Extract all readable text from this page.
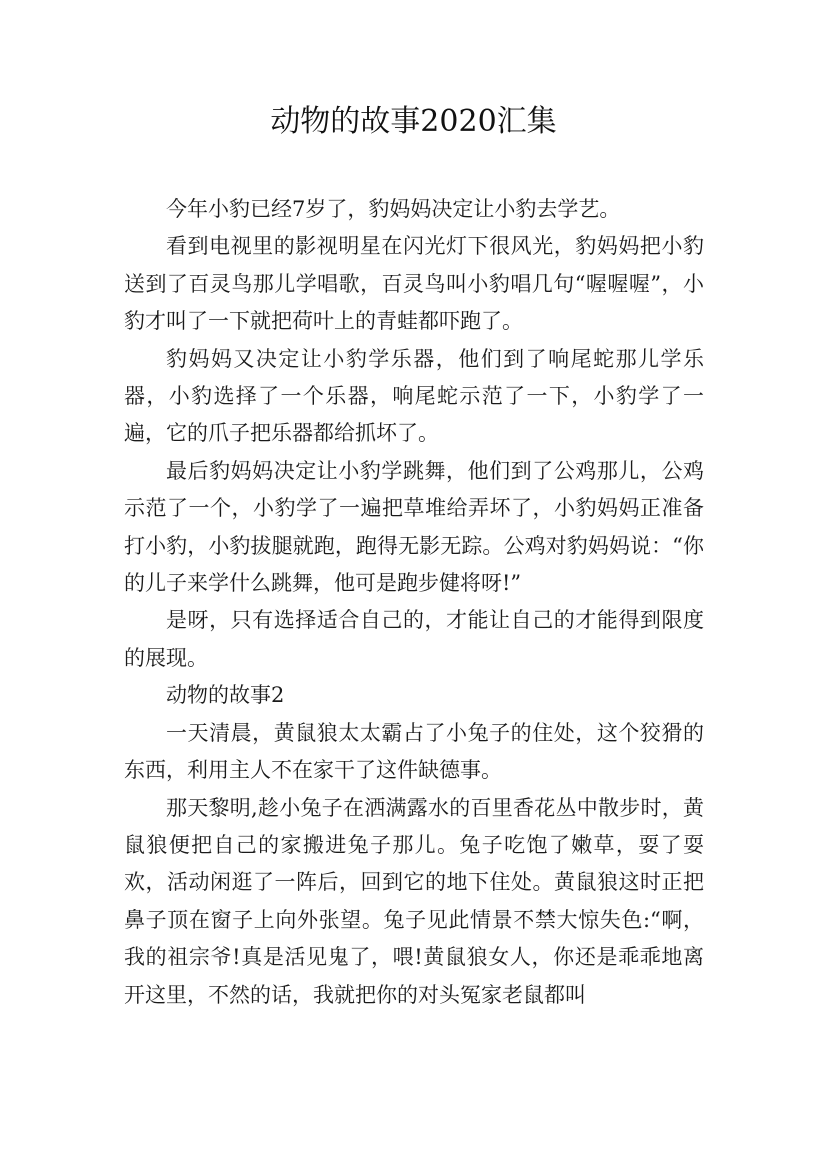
动物的故事2020汇集

今年小豹已经7岁了，豹妈妈决定让小豹去学艺。

看到电视里的影视明星在闪光灯下很风光，豹妈妈把小豹送到了百灵鸟那儿学唱歌，百灵鸟叫小豹唱几句“喔喔喔”，小豹才叫了一下就把荷叶上的青蛙都吓跑了。

豹妈妈又决定让小豹学乐器，他们到了响尾蛇那儿学乐器，小豹选择了一个乐器，响尾蛇示范了一下，小豹学了一遍，它的爪子把乐器都给抓坏了。

最后豹妈妈决定让小豹学跳舞，他们到了公鸡那儿，公鸡示范了一个，小豹学了一遍把草堆给弄坏了，小豹妈妈正准备打小豹，小豹拔腿就跑，跑得无影无踪。公鸡对豹妈妈说：“你的儿子来学什么跳舞，他可是跑步健将呀!”

是呀，只有选择适合自己的，才能让自己的才能得到限度的展现。

动物的故事2

一天清晨，黄鼠狼太太霸占了小兔子的住处，这个狡猾的东西，利用主人不在家干了这件缺德事。

那天黎明,趁小兔子在洒满露水的百里香花丛中散步时，黄鼠狼便把自己的家搬进兔子那儿。兔子吃饱了嫩草，耍了耍欢，活动闲逛了一阵后，回到它的地下住处。黄鼠狼这时正把鼻子顶在窗子上向外张望。兔子见此情景不禁大惊失色:“啊，我的祖宗爷!真是活见鬼了，喂!黄鼠狼女人，你还是乖乖地离开这里，不然的话，我就把你的对头冤家老鼠都叫
